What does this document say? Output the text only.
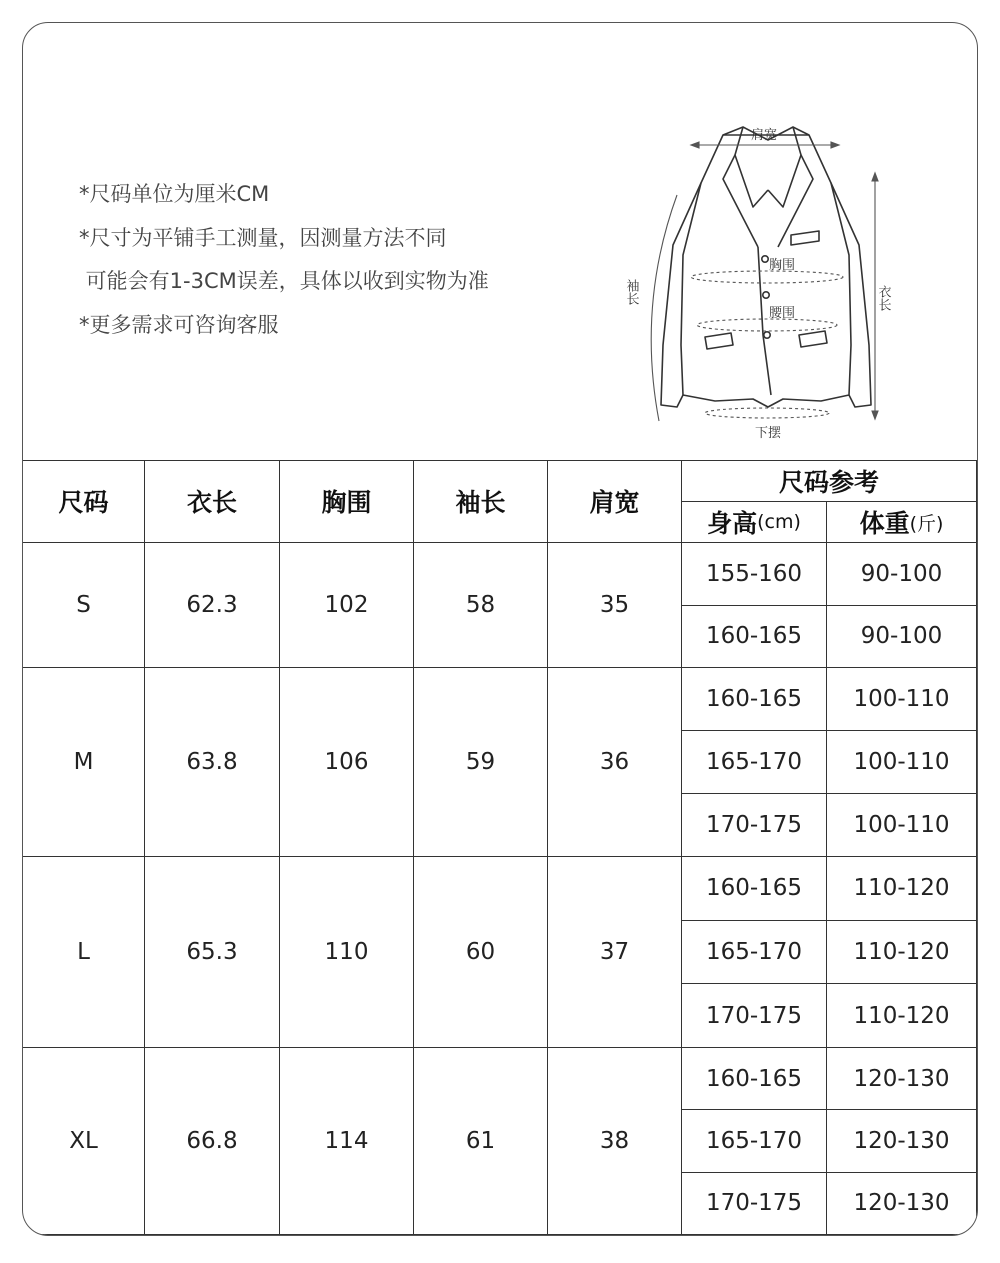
*尺码单位为厘米CM
*尺寸为平铺手工测量，因测量方法不同
可能会有1-3CM误差，具体以收到实物为准
*更多需求可咨询客服
肩宽
胸围
腰围
下摆
衣长
袖长
尺码	衣长	胸围	袖长	肩宽
尺码参考
身高 (cm) 体重 (斤)
S	62.3	102	58	35
155-160	90-100
160-165	90-100
M	63.8	106	59	36
160-165	100-110
165-170	100-110
170-175	100-110
L	65.3	110	60	37
160-165	110-120
165-170	110-120
170-175	110-120
XL	66.8	114	61	38
160-165	120-130
165-170	120-130
170-175	120-130
